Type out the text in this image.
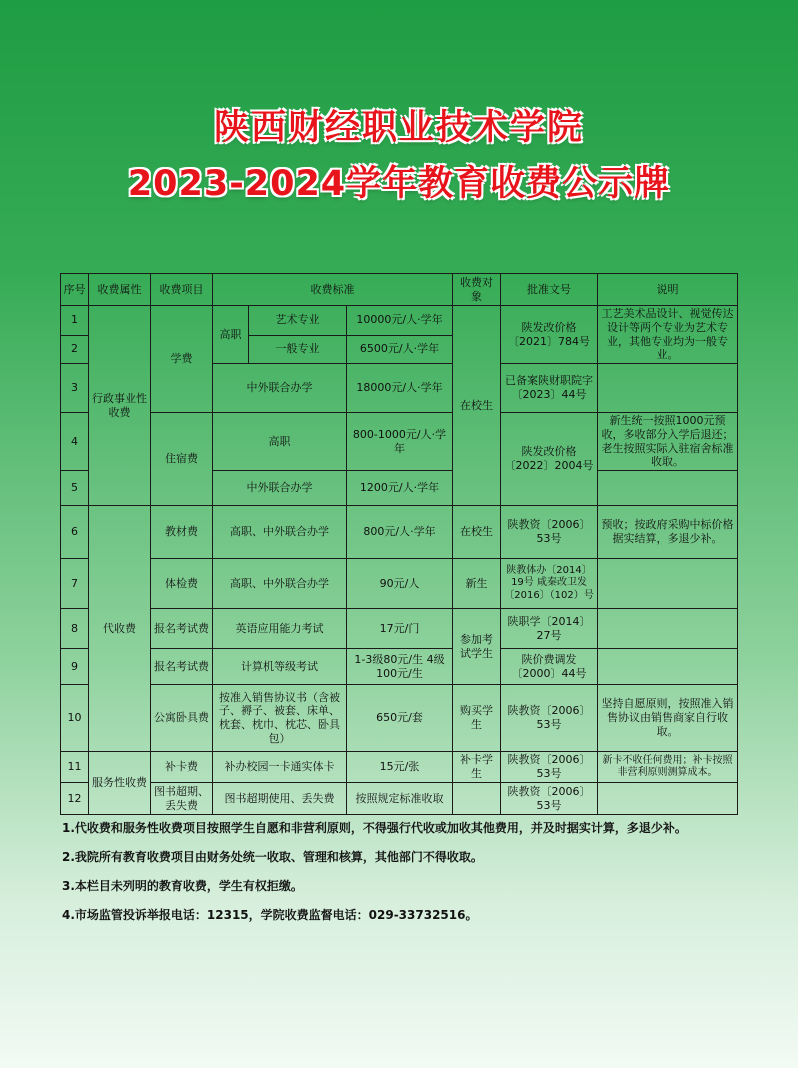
陕西财经职业技术学院
2023-2024学年教育收费公示牌
序号	收费属性	收费项目	收费标准			收费对象	批准文号	说明
1	行政事业性收费	学费	高职	艺术专业	10000元/人·学年	在校生	陕发改价格〔2021〕784号	工艺美术品设计、视觉传达设计等两个专业为艺术专业，其他专业均为一般专业。
2				一般专业	6500元/人·学年			
3			中外联合办学		18000元/人·学年		已备案陕财职院字〔2023〕44号	
4		住宿费	高职		800-1000元/人·学年		陕发改价格〔2022〕2004号	新生统一按照1000元预收，多收部分入学后退还；老生按照实际入驻宿舍标准收取。
5			中外联合办学		1200元/人·学年			
6	代收费	教材费	高职、中外联合办学		800元/人·学年	在校生	陕教资〔2006〕53号	预收；按政府采购中标价格据实结算，多退少补。
7		体检费	高职、中外联合办学		90元/人	新生	陕教体办〔2014〕19号 咸秦改卫发〔2016〕（102）号	
8		报名考试费	英语应用能力考试		17元/门	参加考试学生	陕职学〔2014〕27号	
9		报名考试费	计算机等级考试		1-3级80元/生 4级100元/生		陕价费调发〔2000〕44号	
10		公寓卧具费	按准入销售协议书（含被子、褥子、被套、床单、枕套、枕巾、枕芯、卧具包）		650元/套	购买学生	陕教资〔2006〕53号	坚持自愿原则，按照准入销售协议由销售商家自行收取。
11	服务性收费	补卡费	补办校园一卡通实体卡		15元/张	补卡学生	陕教资〔2006〕53号	新卡不收任何费用；补卡按照非营利原则测算成本。
12		图书超期、丢失费	图书超期使用、丢失费		按照规定标准收取		陕教资〔2006〕53号	
1.代收费和服务性收费项目按照学生自愿和非营利原则，不得强行代收或加收其他费用，并及时据实计算，多退少补。
2.我院所有教育收费项目由财务处统一收取、管理和核算，其他部门不得收取。
3.本栏目未列明的教育收费，学生有权拒缴。
4.市场监管投诉举报电话：12315，学院收费监督电话：029-33732516。
